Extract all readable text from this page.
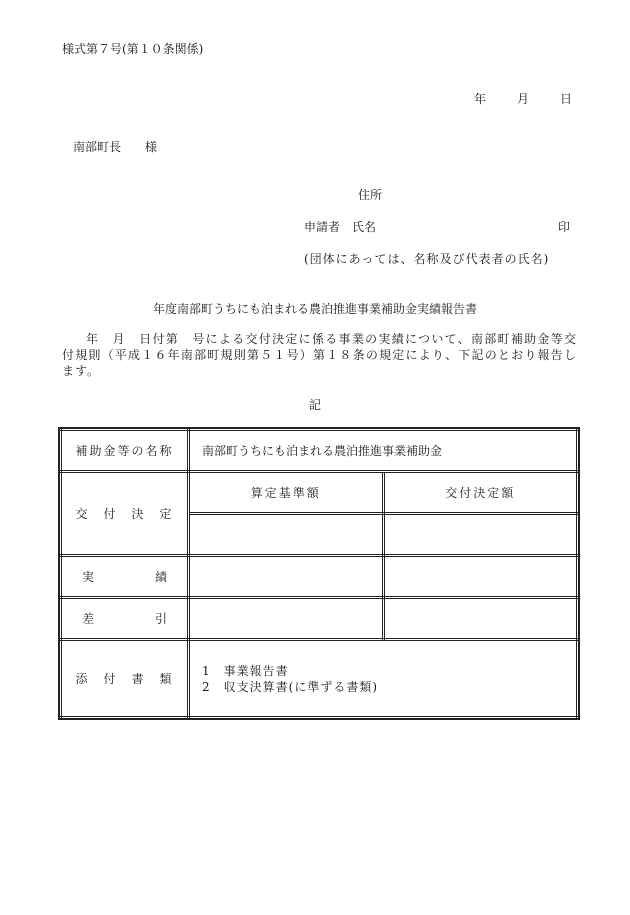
様式第７号(第１０条関係)
年	月	日
南部町長　　様
住所
申請者　氏名	印
(団体にあっては、名称及び代表者の氏名)
年度南部町うちにも泊まれる農泊推進事業補助金実績報告書
年　月　日付第　号による交付決定に係る事業の実績について、南部町補助金等交付規則（平成１６年南部町規則第５１号）第１８条の規定により、下記のとおり報告します。
記
補助金等の名称	南部町うちにも泊まれる農泊推進事業補助金	
交　付　決　定	算定基準額	交付決定額

実 績		

差 引		

添　付　書　類	1　事業報告書
2　収支決算書(に準ずる書類)	
